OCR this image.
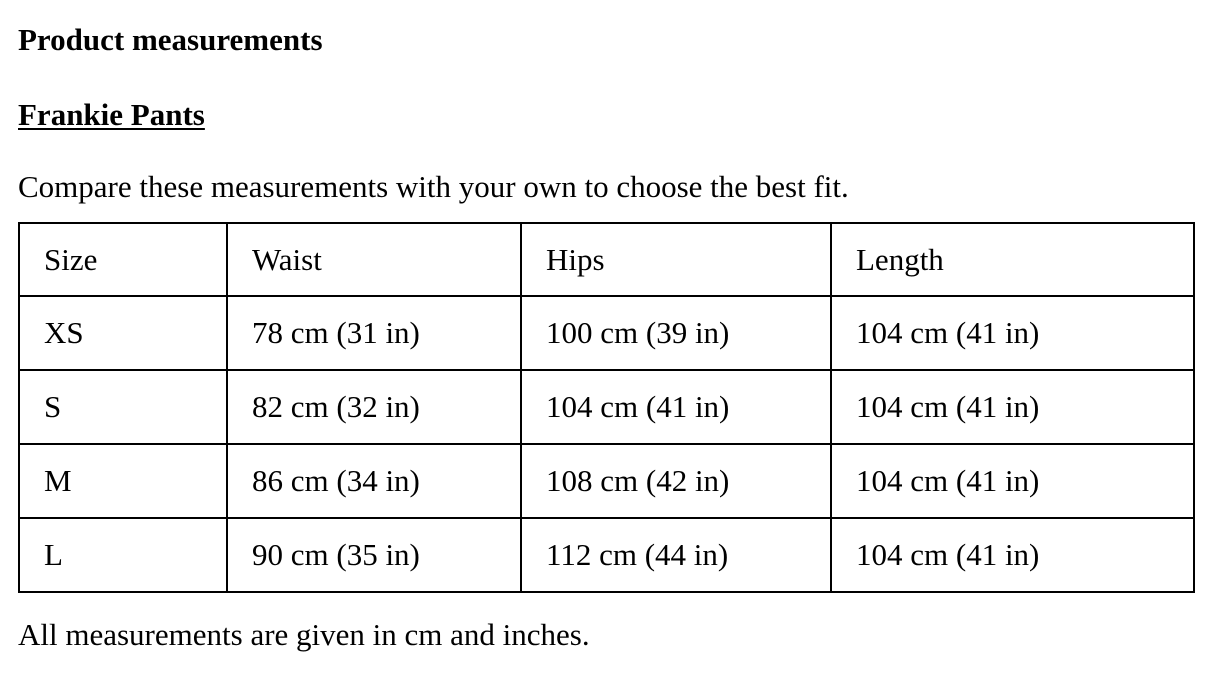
Product measurements
Frankie Pants

Compare these measurements with your own to choose the best fit.

Size	Waist	Hips	Length
XS	78 cm (31 in)	100 cm (39 in)	104 cm (41 in)
S	82 cm (32 in)	104 cm (41 in)	104 cm (41 in)
M	86 cm (34 in)	108 cm (42 in)	104 cm (41 in)
L	90 cm (35 in)	112 cm (44 in)	104 cm (41 in)

All measurements are given in cm and inches.
